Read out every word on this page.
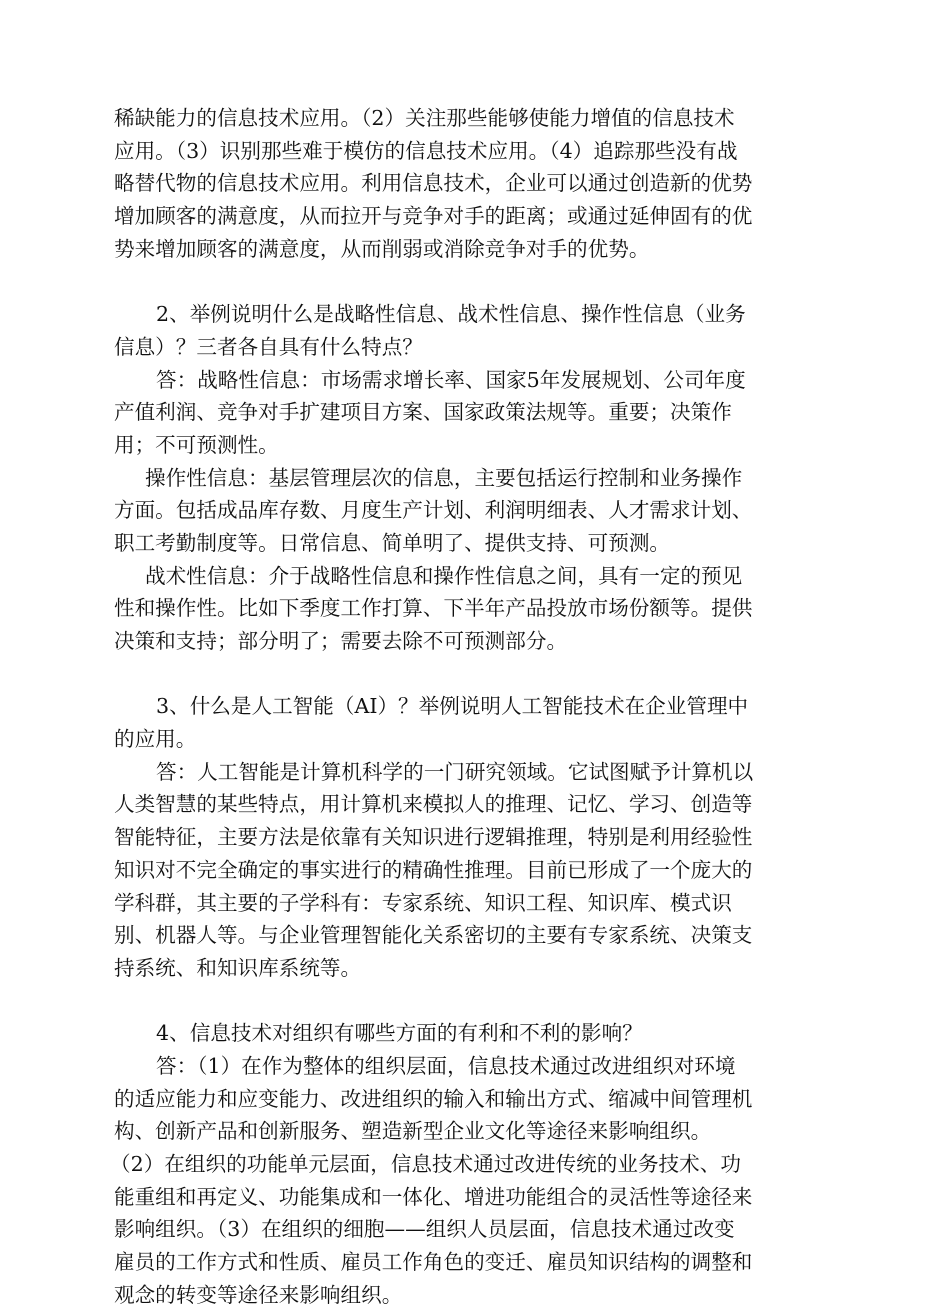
稀缺能力的信息技术应用。（2）关注那些能够使能力增值的信息技术
应用。（3）识别那些难于模仿的信息技术应用。（4）追踪那些没有战
略替代物的信息技术应用。利用信息技术，企业可以通过创造新的优势
增加顾客的满意度，从而拉开与竞争对手的距离；或通过延伸固有的优
势来增加顾客的满意度，从而削弱或消除竞争对手的优势。
2、举例说明什么是战略性信息、战术性信息、操作性信息（业务
信息）？三者各自具有什么特点？
答：战略性信息：市场需求增长率、国家5年发展规划、公司年度
产值利润、竞争对手扩建项目方案、国家政策法规等。重要；决策作
用；不可预测性。
操作性信息：基层管理层次的信息，主要包括运行控制和业务操作
方面。包括成品库存数、月度生产计划、利润明细表、人才需求计划、
职工考勤制度等。日常信息、简单明了、提供支持、可预测。
战术性信息：介于战略性信息和操作性信息之间，具有一定的预见
性和操作性。比如下季度工作打算、下半年产品投放市场份额等。提供
决策和支持；部分明了；需要去除不可预测部分。
3、什么是人工智能（AI）？举例说明人工智能技术在企业管理中
的应用。
答：人工智能是计算机科学的一门研究领域。它试图赋予计算机以
人类智慧的某些特点，用计算机来模拟人的推理、记忆、学习、创造等
智能特征，主要方法是依靠有关知识进行逻辑推理，特别是利用经验性
知识对不完全确定的事实进行的精确性推理。目前已形成了一个庞大的
学科群，其主要的子学科有：专家系统、知识工程、知识库、模式识
别、机器人等。与企业管理智能化关系密切的主要有专家系统、决策支
持系统、和知识库系统等。
4、信息技术对组织有哪些方面的有利和不利的影响？
答：（1）在作为整体的组织层面，信息技术通过改进组织对环境
的适应能力和应变能力、改进组织的输入和输出方式、缩减中间管理机
构、创新产品和创新服务、塑造新型企业文化等途径来影响组织。
（2）在组织的功能单元层面，信息技术通过改进传统的业务技术、功
能重组和再定义、功能集成和一体化、增进功能组合的灵活性等途径来
影响组织。（3）在组织的细胞——组织人员层面，信息技术通过改变
雇员的工作方式和性质、雇员工作角色的变迁、雇员知识结构的调整和
观念的转变等途径来影响组织。
